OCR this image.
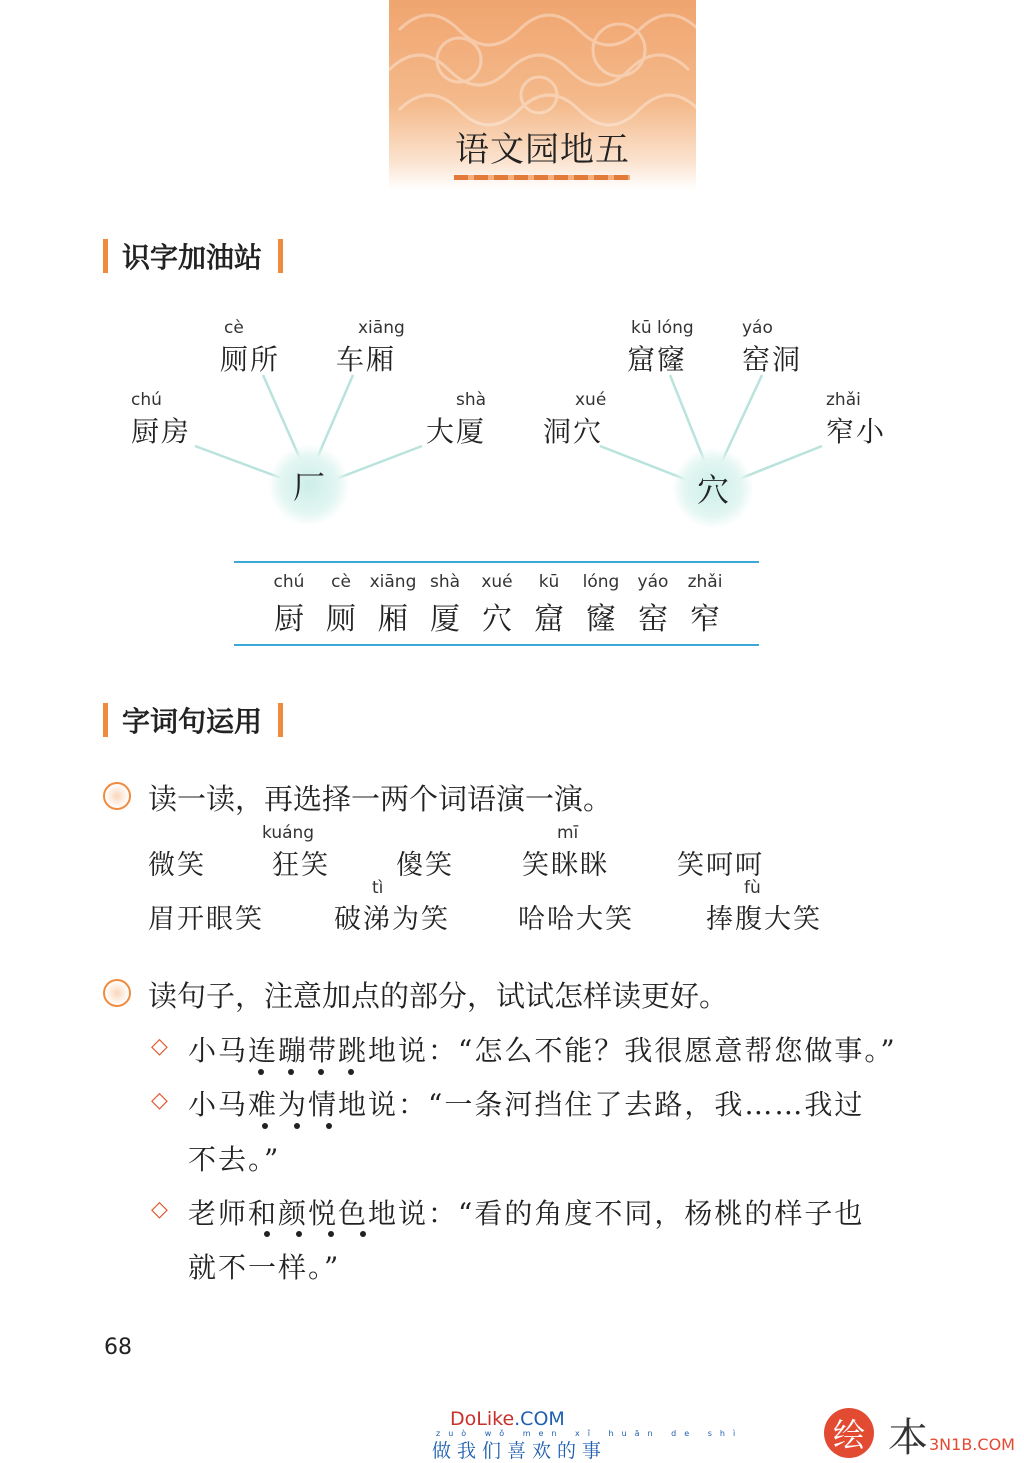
语文园地五
识字加油站
厂
chú
厨房
cè
厕所
xiāng
车厢
shà
大厦
穴
xué
洞穴
kū lóng
窟窿
yáo
窑洞
zhǎi
窄小
chú
厨
cè
厕
xiāng
厢
shà
厦
xué
穴
kū
窟
lóng
窿
yáo
窑
zhǎi
窄
字词句运用
读一读，再选择一两个词语演一演。
kuáng	mī
微笑 狂笑 傻笑	笑眯眯	笑呵呵
tì	fù
眉开眼笑	破涕为笑	哈哈大笑	捧腹大笑
读句子，注意加点的部分，试试怎样读更好。
◇ 小马连蹦带跳地说：“怎么不能？我很愿意帮您做事。”
◇ 小马难为情地说：“一条河挡住了去路，我……我过
不去。”
◇ 老师和颜悦色地说：“看的角度不同，杨桃的样子也
就不一样。”
68
DoLike.COM
zuò wǒ men xǐ huān de shì
做我们喜欢的事	绘 本 3N1B.COM
